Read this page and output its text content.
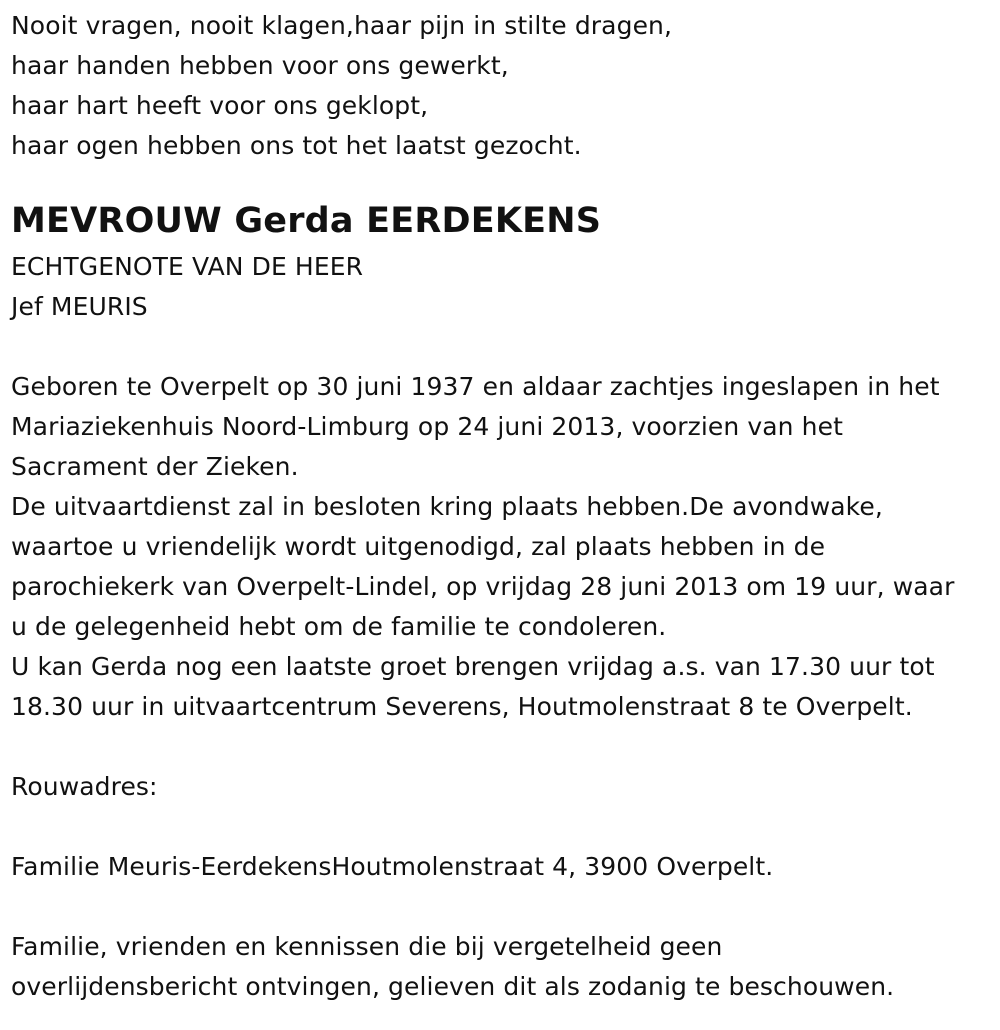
Nooit vragen, nooit klagen,haar pijn in stilte dragen,
haar handen hebben voor ons gewerkt,
haar hart heeft voor ons geklopt,
haar ogen hebben ons tot het laatst gezocht.
MEVROUW Gerda EERDEKENS
ECHTGENOTE VAN DE HEER
Jef MEURIS
Geboren te Overpelt op 30 juni 1937 en aldaar zachtjes ingeslapen in het
Mariaziekenhuis Noord-Limburg op 24 juni 2013, voorzien van het
Sacrament der Zieken.
De uitvaartdienst zal in besloten kring plaats hebben.De avondwake,
waartoe u vriendelijk wordt uitgenodigd, zal plaats hebben in de
parochiekerk van Overpelt-Lindel, op vrijdag 28 juni 2013 om 19 uur, waar
u de gelegenheid hebt om de familie te condoleren.
U kan Gerda nog een laatste groet brengen vrijdag a.s. van 17.30 uur tot
18.30 uur in uitvaartcentrum Severens, Houtmolenstraat 8 te Overpelt.
Rouwadres:
Familie Meuris-EerdekensHoutmolenstraat 4, 3900 Overpelt.
Familie, vrienden en kennissen die bij vergetelheid geen
overlijdensbericht ontvingen, gelieven dit als zodanig te beschouwen.
